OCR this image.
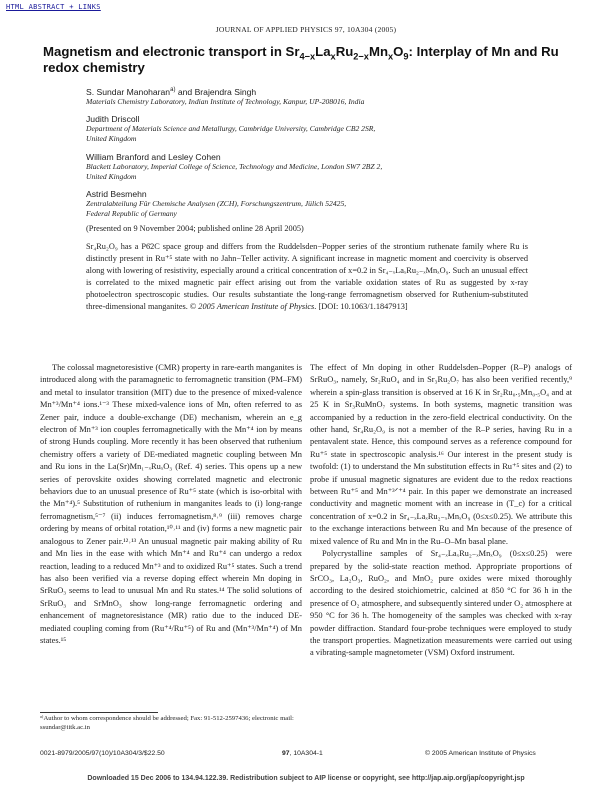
HTML ABSTRACT + LINKS
JOURNAL OF APPLIED PHYSICS 97, 10A304 (2005)
Magnetism and electronic transport in $Sr_{4-x}La_xRu_{2-x}Mn_xO_9$: Interplay of Mn and Ru redox chemistry
S. Sundar Manoharan$^{a)}$ and Brajendra Singh
Materials Chemistry Laboratory, Indian Institute of Technology, Kanpur, UP-208016, India
Judith Driscoll
Department of Materials Science and Metallurgy, Cambridge University, Cambridge CB2 2SR,
United Kingdom
William Branford and Lesley Cohen
Blackett Laboratory, Imperial College of Science, Technology and Medicine, London SW7 2BZ 2,
United Kingdom
Astrid Besmehn
Zentralabteilung Für Chemische Analysen (ZCH), Forschungszentrum, Jülich 52425,
Federal Republic of Germany
(Presented on 9 November 2004; published online 28 April 2005)
Sr₄Ru₂O₉ has a P6̄2C space group and differs from the Ruddelsden−Popper series of the strontium ruthenate family where Ru is distinctly present in Ru⁺⁵ state with no Jahn−Teller activity. A significant increase in magnetic moment and coercivity is observed along with lowering of resistivity, especially around a critical concentration of x=0.2 in Sr₄₋ₓLaₓRu₂₋ₓMnₓO₉. Such an unusual effect is correlated to the mixed magnetic pair effect arising out from the variable oxidation states of Ru as suggested by x-ray photoelectron spectroscopic studies. Our results substantiate the long-range ferromagnetism observed for Ruthenium-substituted three-dimensional manganites. © 2005 American Institute of Physics. [DOI: 10.1063/1.1847913]

The colossal magnetoresistive (CMR) property in rare-earth manganites is introduced along with the paramagnetic to ferromagnetic transition (PM–FM) and metal to insulator transition (MIT) due to the presence of mixed-valence Mn⁺³/Mn⁺⁴ ions.¹⁻³ These mixed-valence ions of Mn, often referred to as Zener pair, induce a double-exchange (DE) mechanism, wherein an e_g electron of Mn⁺³ ion couples ferromagnetically with the Mn⁺⁴ ion by means of strong Hunds coupling. More recently it has been observed that ruthenium chemistry offers a variety of DE-mediated magnetic coupling between Mn and Ru ions in the La(Sr)Mn₁₋ₓRuₓO₃ (Ref. 4) series. This opens up a new series of perovskite oxides showing correlated magnetic and electronic behaviors due to an unusual presence of Ru⁺⁵ state (which is iso-orbital with the Mn⁺⁴).⁵ Substitution of ruthenium in manganites leads to (i) long-range ferromagnetism,⁵⁻⁷ (ii) induces ferromagnetism,⁸˒⁹ (iii) removes charge ordering by means of orbital rotation,¹⁰˒¹¹ and (iv) forms a new magnetic pair analogous to Zener pair.¹²˒¹³ An unusual magnetic pair making ability of Ru and Mn lies in the ease with which Mn⁺⁴ and Ru⁺⁴ can undergo a redox reaction, leading to a reduced Mn⁺³ and to oxidized Ru⁺⁵ states. Such a trend has also been verified via a reverse doping effect wherein Mn doping in SrRuO₃ seems to lead to unusual Mn and Ru states.¹⁴ The solid solutions of SrRuO₃ and SrMnO₃ show long-range ferromagnetic ordering and enhancement of magnetoresistance (MR) ratio due to the induced DE-mediated coupling coming from (Ru⁺⁴/Ru⁺⁵) of Ru and (Mn⁺³/Mn⁺⁴) of Mn states.¹⁵

The effect of Mn doping in other Ruddelsden–Popper (R–P) analogs of SrRuO₃, namely, Sr₂RuO₄ and in Sr₃Ru₂O₇ has also been verified recently,⁹ wherein a spin-glass transition is observed at 16 K in Sr₂Ru₀.₅Mn₀.₅O₄ and at 25 K in Sr₃RuMnO₇ systems. In both systems, magnetic transition was accompanied by a reduction in the zero-field electrical conductivity. On the other hand, Sr₄Ru₂O₉ is not a member of the R–P series, having Ru in a pentavalent state. Hence, this compound serves as a reference compound for Ru⁺⁵ state in spectroscopic analysis.¹⁶ Our interest in the present study is twofold: (1) to understand the Mn substitution effects in Ru⁺⁵ sites and (2) to probe if unusual magnetic signatures are evident due to the redox reactions between Ru⁺⁵ and Mn⁺³ᐟ⁺⁴ pair. In this paper we demonstrate an increased conductivity and magnetic moment with an increase in (T_c) for a critical concentration of x=0.2 in Sr₄₋ₓLaₓRu₂₋ₓMnₓO₉ (0≤x≤0.25). We attribute this to the exchange interactions between Ru and Mn because of the presence of mixed valence of Ru and Mn in the Ru–O–Mn basal plane.

Polycrystalline samples of Sr₄₋ₓLaₓRu₂₋ₓMnₓO₉ (0≤x≤0.25) were prepared by the solid-state reaction method. Appropriate proportions of SrCO₃, La₂O₃, RuO₂, and MnO₂ pure oxides were mixed thoroughly according to the desired stoichiometric, calcined at 850 °C for 36 h in the presence of O₂ atmosphere, and subsequently sintered under O₂ atmosphere at 950 °C for 36 h. The homogeneity of the samples was checked with x-ray powder diffraction. Standard four-probe techniques were employed to study the transport properties. Magnetization measurements were carried out using a vibrating-sample magnetometer (VSM) Oxford instrument.

ᵃ⁾Author to whom correspondence should be addressed; Fax: 91-512-2597436; electronic mail: ssundar@iitk.ac.in
0021-8979/2005/97(10)/10A304/3/$22.50	97, 10A304-1	© 2005 American Institute of Physics
Downloaded 15 Dec 2006 to 134.94.122.39. Redistribution subject to AIP license or copyright, see http://jap.aip.org/jap/copyright.jsp
